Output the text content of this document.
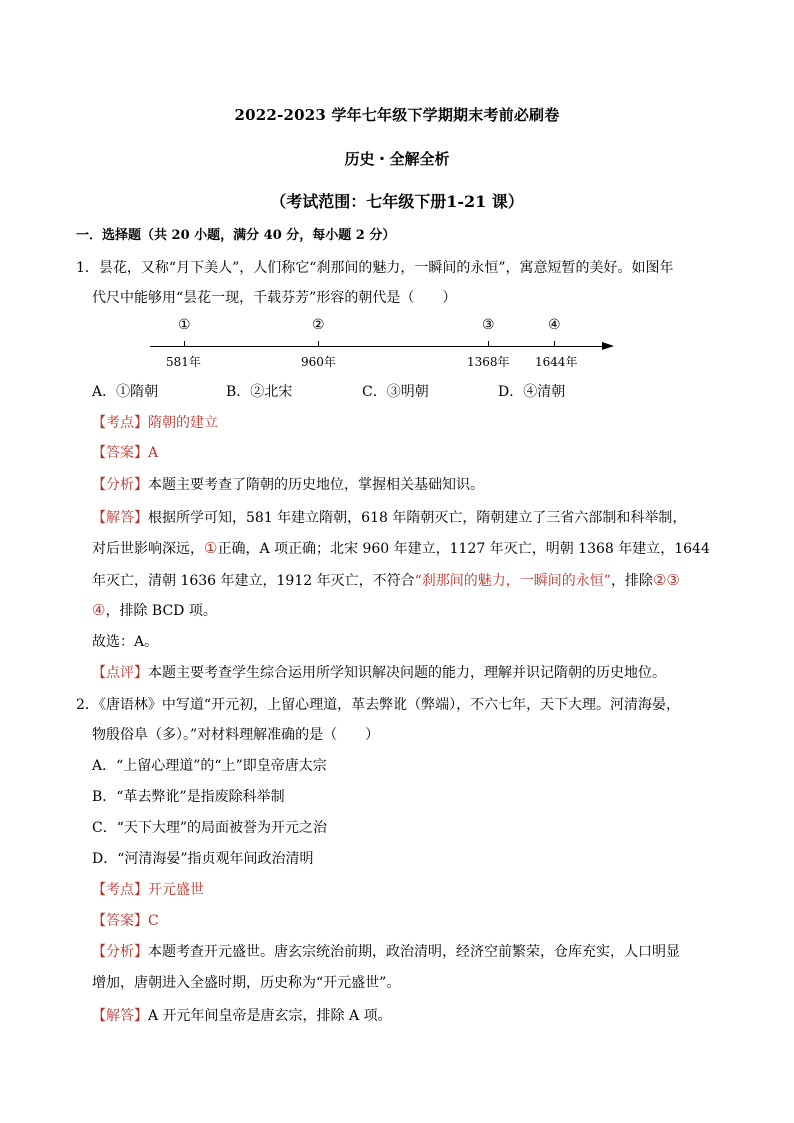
2022-2023 学年七年级下学期期末考前必刷卷
历史・全解全析
（考试范围：七年级下册1-21 课）
一．选择题（共 20 小题，满分 40 分，每小题 2 分）
1．昙花，又称“月下美人”，人们称它“刹那间的魅力，一瞬间的永恒”，寓意短暂的美好。如图年
代尺中能够用“昙花一现，千载芬芳”形容的朝代是（　　）
①	②	③	④
581年	960年	1368年 1644年
A．①隋朝	B．②北宋	C．③明朝	D．④清朝
【考点】隋朝的建立
【答案】A
【分析】本题主要考查了隋朝的历史地位，掌握相关基础知识。
【解答】根据所学可知，581 年建立隋朝，618 年隋朝灭亡，隋朝建立了三省六部制和科举制，
对后世影响深远，①正确，A 项正确；北宋 960 年建立，1127 年灭亡，明朝 1368 年建立，1644
年灭亡，清朝 1636 年建立，1912 年灭亡，不符合“刹那间的魅力，一瞬间的永恒”，排除②③
④，排除 BCD 项。
故选：A。
【点评】本题主要考查学生综合运用所学知识解决问题的能力，理解并识记隋朝的历史地位。
2．《唐语林》中写道“开元初，上留心理道，革去弊讹（弊端），不六七年，天下大理。河清海晏，
物殷俗阜（多）。”对材料理解准确的是（　　）
A．“上留心理道”的“上”即皇帝唐太宗
B．“革去弊讹”是指废除科举制
C．“天下大理”的局面被誉为开元之治
D．“河清海晏”指贞观年间政治清明
【考点】开元盛世
【答案】C
【分析】本题考查开元盛世。唐玄宗统治前期，政治清明，经济空前繁荣，仓库充实，人口明显
增加，唐朝进入全盛时期，历史称为“开元盛世”。
【解答】A 开元年间皇帝是唐玄宗，排除 A 项。
